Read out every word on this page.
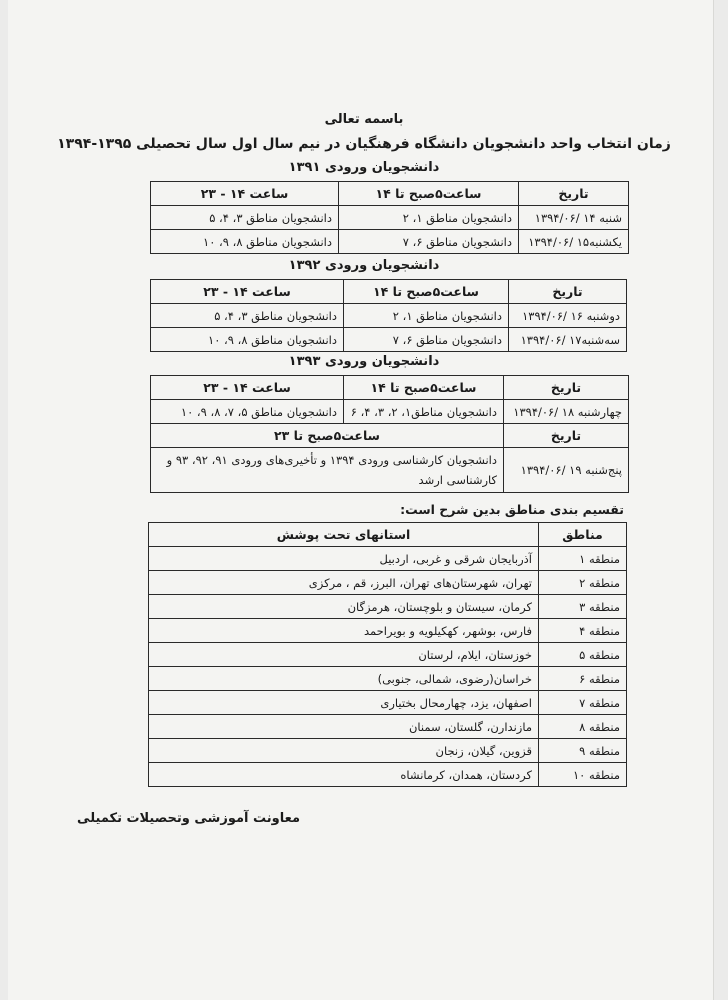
باسمه تعالی
زمان انتخاب واحد دانشجویان دانشگاه فرهنگیان در نیم سال اول سال تحصیلی ۱۳۹۵-۱۳۹۴
دانشجویان ورودی ۱۳۹۱
تاریخ	ساعت۵صبح تا ۱۴	ساعت ۱۴ - ۲۳
شنبه ۱۴ /۱۳۹۴/۰۶	دانشجویان مناطق ۱، ۲	دانشجویان مناطق ۳، ۴، ۵
یکشنبه۱۵ /۱۳۹۴/۰۶	دانشجویان مناطق ۶، ۷	دانشجویان مناطق ۸، ۹، ۱۰
دانشجویان ورودی ۱۳۹۲
تاریخ	ساعت۵صبح تا ۱۴	ساعت ۱۴ - ۲۳
دوشنبه ۱۶ /۱۳۹۴/۰۶	دانشجویان مناطق ۱، ۲	دانشجویان مناطق ۳، ۴، ۵
سه‌شنبه۱۷ /۱۳۹۴/۰۶	دانشجویان مناطق ۶، ۷	دانشجویان مناطق ۸، ۹، ۱۰
دانشجویان ورودی ۱۳۹۳
تاریخ	ساعت۵صبح تا ۱۴	ساعت ۱۴ - ۲۳
چهارشنبه ۱۸ /۱۳۹۴/۰۶	دانشجویان مناطق۱، ۲، ۳، ۴، ۶	دانشجویان مناطق ۵، ۷، ۸، ۹، ۱۰
تاریخ	ساعت۵صبح تا ۲۳	
پنج‌شنبه ۱۹ /۱۳۹۴/۰۶	دانشجویان کارشناسی ورودی ۱۳۹۴ و تأخیری‌های ورودی ۹۱، ۹۲، ۹۳ و کارشناسی ارشد	
تقسیم بندی مناطق بدین شرح است:
مناطق	استانهای تحت پوشش
منطقه ۱	آذربایجان شرقی و غربی، اردبیل
منطقه ۲	تهران، شهرستان‌های تهران، البرز، قم ، مرکزی
منطقه ۳	کرمان، سیستان و بلوچستان، هرمزگان
منطقه ۴	فارس، بوشهر، کهکیلویه و بویراحمد
منطقه ۵	خوزستان، ایلام، لرستان
منطقه ۶	خراسان(رضوی، شمالی، جنوبی)
منطقه ۷	اصفهان، یزد، چهارمحال بختیاری
منطقه ۸	مازندارن، گلستان، سمنان
منطقه ۹	قزوین، گیلان، زنجان
منطقه ۱۰	کردستان، همدان، کرمانشاه
معاونت آموزشی وتحصیلات تکمیلی
